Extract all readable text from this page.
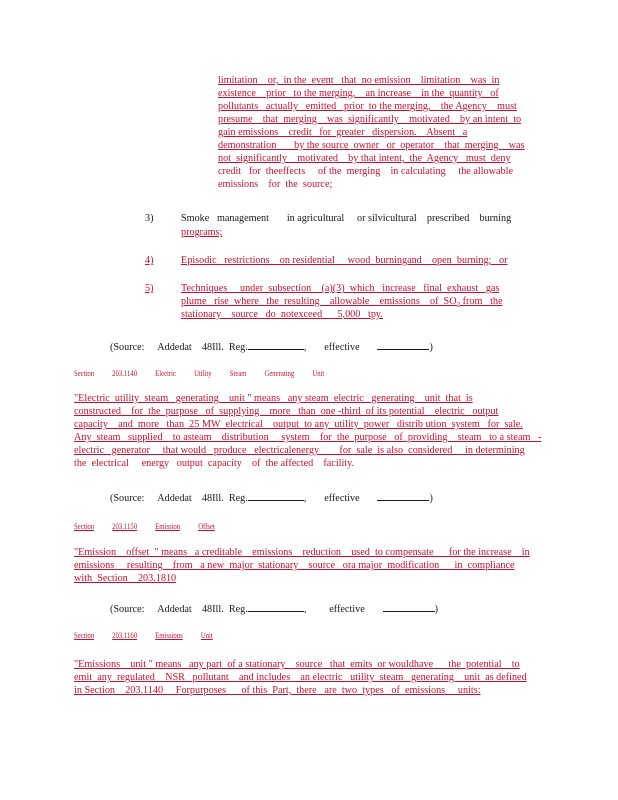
limitation    or,  in the  event   that  no emission    limitation    was  in
existence    prior   to the merging,    an increase    in the  quantity   of
pollutants   actually   emitted   prior  to the merging,    the Agency    must
presume    that  merging    was  significantly    motivated    by an intent  to
gain emissions    credit   for  greater   dispersion.    Absent   a
demonstration       by the source  owner   or  operator    that  merging    was
not  significantly    motivated    by that intent,  the  Agency   must  deny
credit   for  theeffects     of the  merging    in calculating     the allowable
emissions    for  the  source;
3)	Smoke   management       in agricultural     or silvicultural    prescribed    burning
programs;
4)	Episodic   restrictions    on residential     wood  burningand    open  burning;   or
5)	Techniques     under  subsection    (a)(3)  which   increase   final  exhaust   gas
plume   rise  where   the  resulting    allowable    emissions    of  $SO_2$ from   the
stationary    source   do  notexceed      5,000   tpy.
(Source: Addedat 48Ill. Reg.	, effective	)
Section 203.1140 Electric Utility Steam Generating Unit
"Electric  utility  steam   generating    unit " means   any steam  electric   generating    unit  that  is
constructed    for  the  purpose   of  supplying    more   than  one -third  of its potential    electric   output
capacity    and  more   than  25 MW  electrical    output  to any  utility  power   distrib ution  system   for  sale.
Any  steam   supplied    to asteam    distribution     system    for  the  purpose   of  providing    steam   to a steam   -
electric   generator     that would   produce   electricalenergy        for  sale  is also  considered     in determining
the  electrical     energy   output  capacity    of  the affected    facility.
(Source: Addedat 48Ill. Reg.	, effective	)
Section 203.1150 Emission Offset
"Emission    offset  " means   a creditable    emissions    reduction    used  to compensate      for the increase    in
emissions     resulting    from   a new  major  stationary    source   ora major  modification      in  compliance
with  Section    203.1810
(Source: Addedat 48Ill. Reg.	, effective	)
Section 203.1160 Emissions Unit
"Emissions    unit " means   any part  of a stationary    source   that  emits  or wouldhave      the  potential    to
emit  any  regulated    NSR   pollutant    and includes    an electric   utility  steam   generating    unit  as defined
in Section    203.1140     Forpurposes      of this  Part,  there   are  two  types   of  emissions     units:
